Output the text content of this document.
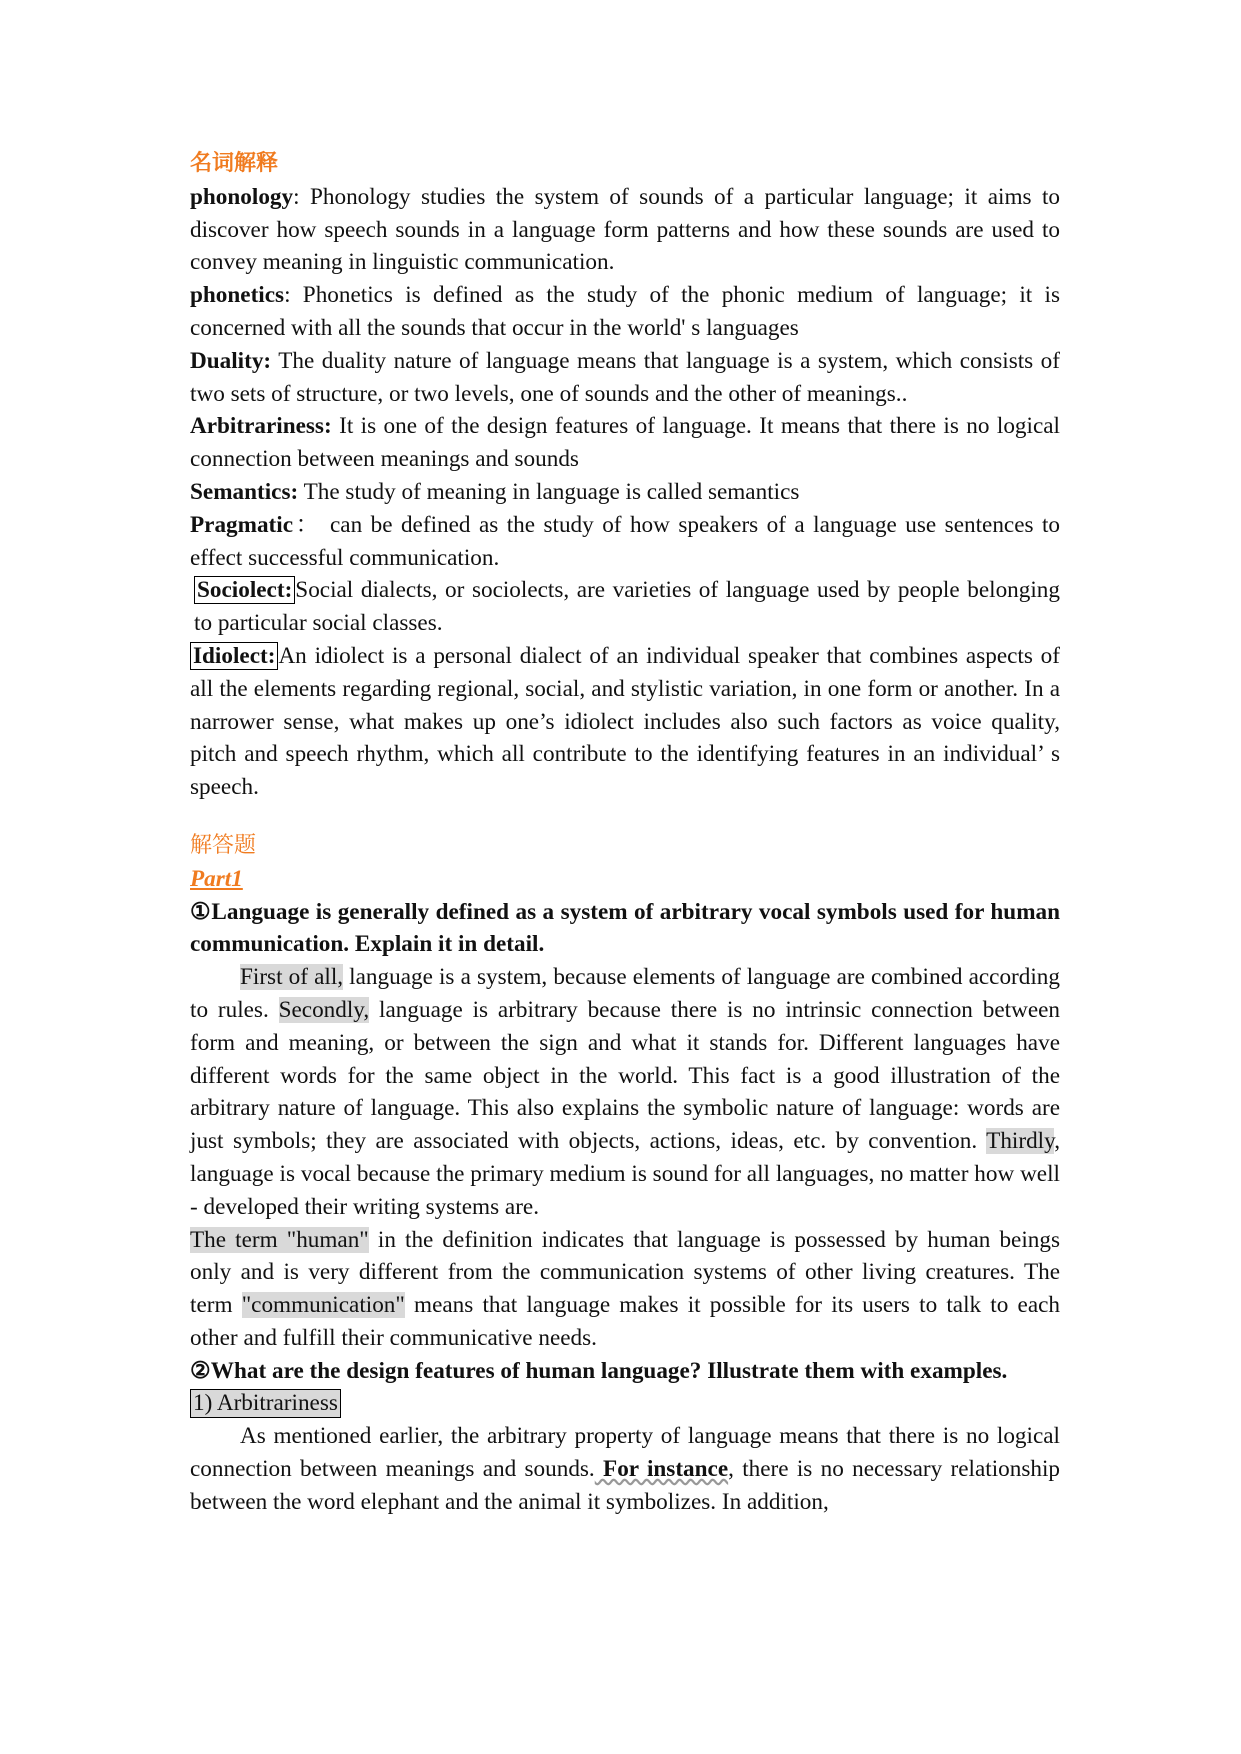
名词解释
phonology: Phonology studies the system of sounds of a particular language; it aims to discover how speech sounds in a language form patterns and how these sounds are used to convey meaning in linguistic communication.
phonetics: Phonetics is defined as the study of the phonic medium of language; it is concerned with all the sounds that occur in the world' s languages
Duality: The duality nature of language means that language is a system, which consists of two sets of structure, or two levels, one of sounds and the other of meanings..
Arbitrariness: It is one of the design features of language. It means that there is no logical connection between meanings and sounds
Semantics: The study of meaning in language is called semantics
Pragmatic： can be defined as the study of how speakers of a language use sentences to effect successful communication.
Sociolect: Social dialects, or sociolects, are varieties of language used by people belonging to particular social classes.
Idiolect: An idiolect is a personal dialect of an individual speaker that combines aspects of all the elements regarding regional, social, and stylistic variation, in one form or another. In a narrower sense, what makes up one’s idiolect includes also such factors as voice quality, pitch and speech rhythm, which all contribute to the identifying features in an individual’ s speech.
解答题
Part1
①Language is generally defined as a system of arbitrary vocal symbols used for human communication. Explain it in detail.
First of all, language is a system, because elements of language are combined according to rules. Secondly, language is arbitrary because there is no intrinsic connection between form and meaning, or between the sign and what it stands for. Different languages have different words for the same object in the world. This fact is a good illustration of the arbitrary nature of language. This also explains the symbolic nature of language: words are just symbols; they are associated with objects, actions, ideas, etc. by convention. Thirdly, language is vocal because the primary medium is sound for all languages, no matter how well - developed their writing systems are.
The term "human" in the definition indicates that language is possessed by human beings only and is very different from the communication systems of other living creatures. The term "communication" means that language makes it possible for its users to talk to each other and fulfill their communicative needs.
②What are the design features of human language? Illustrate them with examples.
1) Arbitrariness
As mentioned earlier, the arbitrary property of language means that there is no logical connection between meanings and sounds. For instance, there is no necessary relationship between the word elephant and the animal it symbolizes. In addition,
